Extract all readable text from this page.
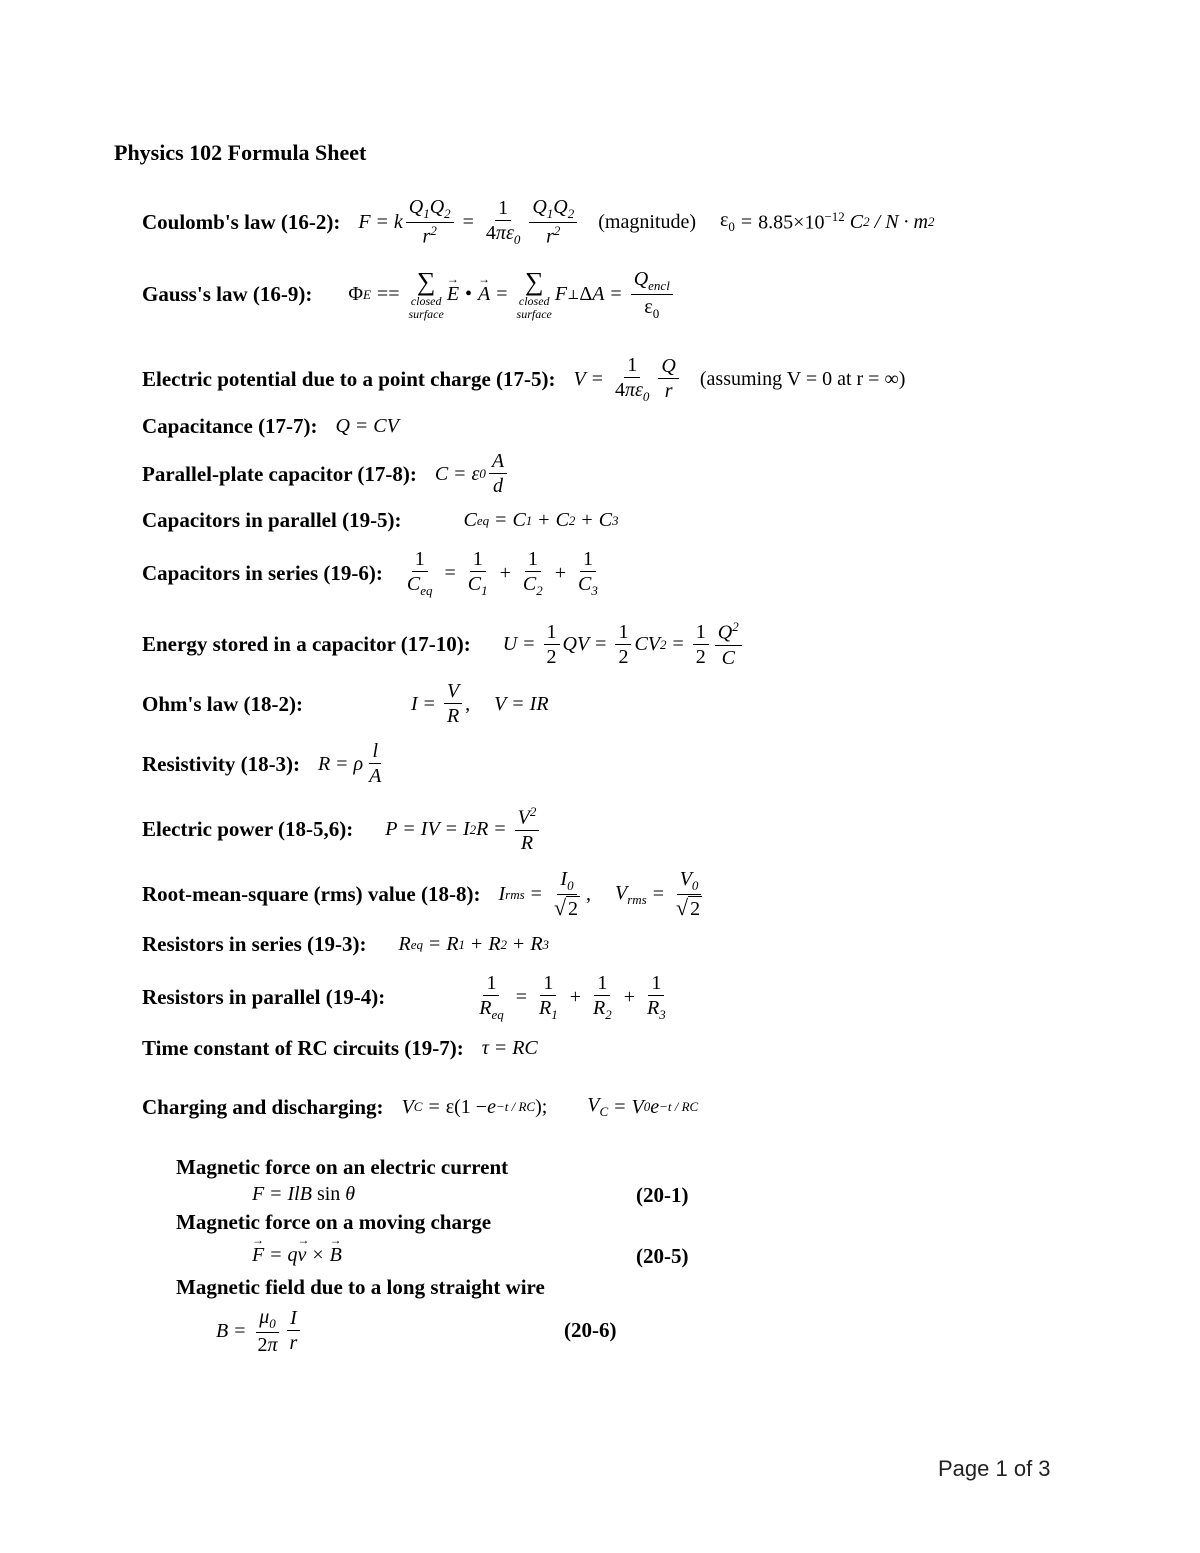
Physics 102 Formula Sheet
Coulomb's law (16-2): F = k $\frac{Q_1Q_2}{r^2} = \frac{1}{4\pi\varepsilon_0} \frac{Q_1Q_2}{r^2}$ (magnitude) $\varepsilon_0 = 8.85\times 10^{-12}$ C 2 / N · m 2
Gauss's law (16-9): Φ E == ∑
closed
surface
→ E • → A = ∑
closed
surface
F ⊥ Δ $A = \frac{Q_{encl}}{\varepsilon_0}$
Electric potential due to a point charge (17-5): $V = \frac{1}{4\pi\varepsilon_0} \frac{Q}{r}$ (assuming V = 0 at r = ∞)
Capacitance (17-7): Q = CV
Parallel-plate capacitor (17-8): C = ε $0 \frac{A}{d}$
Capacitors in parallel (19-5):	C eq = C 1 + C 2 + C 3
Capacitors in series (19-6): $\frac{1}{C_{eq}} = \frac{1}{C_1} + \frac{1}{C_2} + \frac{1}{C_3}$
Energy stored in a capacitor (17-10): $U = \frac{1}{2}$ QV = $\frac{1}{2}$ CV $2 = \frac{1}{2} \frac{Q^2}{C}$
Ohm's law (18-2):	$I = \frac{V}{R}$ , V = IR
Resistivity (18-3): R = ρ $\frac{l}{A}$
Electric power (18-5,6): P = IV = I 2 $R = \frac{V^2}{R}$
Root-mean-square (rms) value (18-8): I rms = $\frac{I_0}{√ 2}$ , $V_{rms} = \frac{V_0}{√ 2}$
Resistors in series (19-3): R eq = R 1 + R 2 + R 3
Resistors in parallel (19-4):	$\frac{1}{R_{eq}} = \frac{1}{R_1} + \frac{1}{R_2} + \frac{1}{R_3}$
Time constant of RC circuits (19-7): τ = RC
Charging and discharging: V C = ε(1 − e −t / RC ); $V_C = V$ 0 e −t / RC
Magnetic force on an electric current
F = IlB sin θ	(20-1)
Magnetic force on a moving charge
→ F = q → v × → B	(20-5)
Magnetic field due to a long straight wire
$B = \frac{\mu_0}{2\pi} \frac{I}{r}$	(20-6)
Page 1 of 3
